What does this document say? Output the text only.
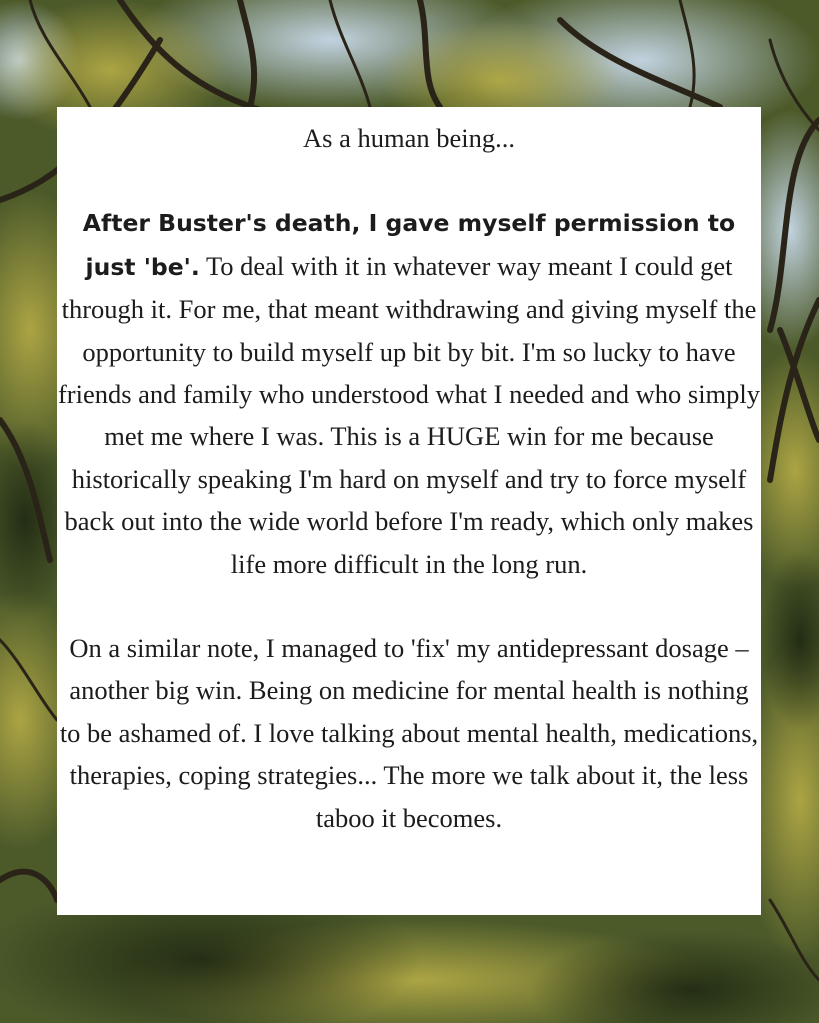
As a human being...

After Buster's death, I gave myself permission to just 'be'. To deal with it in whatever way meant I could get through it. For me, that meant withdrawing and giving myself the opportunity to build myself up bit by bit. I'm so lucky to have friends and family who understood what I needed and who simply met me where I was. This is a HUGE win for me because historically speaking I'm hard on myself and try to force myself back out into the wide world before I'm ready, which only makes life more difficult in the long run.

On a similar note, I managed to 'fix' my antidepressant dosage – another big win. Being on medicine for mental health is nothing to be ashamed of. I love talking about mental health, medications, therapies, coping strategies... The more we talk about it, the less taboo it becomes.
